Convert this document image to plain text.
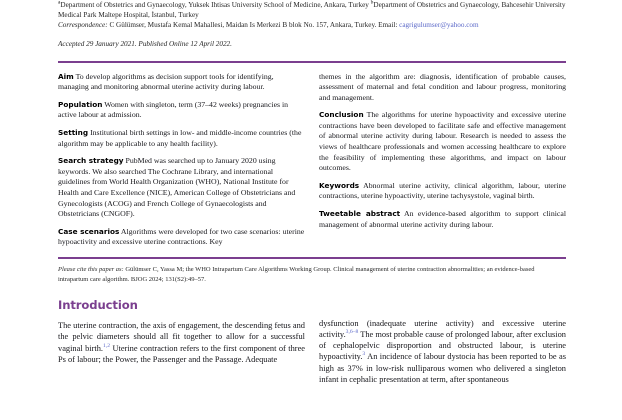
$^a$Department of Obstetrics and Gynaecology, Yuksek Ihtisas University School of Medicine, Ankara, Turkey $^b$Department of Obstetrics and Gynaecology, Bahcesehir University Medical Park Maltepe Hospital, İstanbul, Turkey
Correspondence: C Gülümser, Mustafa Kemal Mahallesi, Maidan Is Merkezi B blok No. 157, Ankara, Turkey. Email: cagrigulumser@yahoo.com
Accepted 29 January 2021. Published Online 12 April 2022.

Aim To develop algorithms as decision support tools for identifying, managing and monitoring abnormal uterine activity during labour.

Population Women with singleton, term (37–42 weeks) pregnancies in active labour at admission.

Setting Institutional birth settings in low- and middle-income countries (the algorithm may be applicable to any health facility).

Search strategy PubMed was searched up to January 2020 using keywords. We also searched The Cochrane Library, and international guidelines from World Health Organization (WHO), National Institute for Health and Care Excellence (NICE), American College of Obstetricians and Gynecologists (ACOG) and French College of Gynaecologists and Obstetricians (CNGOF).

Case scenarios Algorithms were developed for two case scenarios: uterine hypoactivity and excessive uterine contractions. Key

themes in the algorithm are: diagnosis, identification of probable causes, assessment of maternal and fetal condition and labour progress, monitoring and management.

Conclusion The algorithms for uterine hypoactivity and excessive uterine contractions have been developed to facilitate safe and effective management of abnormal uterine activity during labour. Research is needed to assess the views of healthcare professionals and women accessing healthcare to explore the feasibility of implementing these algorithms, and impact on labour outcomes.

Keywords Abnormal uterine activity, clinical algorithm, labour, uterine contractions, uterine hypoactivity, uterine tachysystole, vaginal birth.

Tweetable abstract An evidence-based algorithm to support clinical management of abnormal uterine activity during labour.

Please cite this paper as: Gülümser C, Yassa M; the WHO Intrapartum Care Algorithms Working Group. Clinical management of uterine contraction abnormalities; an evidence-based intrapartum care algorithm. BJOG 2024; 131(S2):49–57.
Introduction

The uterine contraction, the axis of engagement, the descending fetus and the pelvic diameters should all fit together to allow for a successful vaginal birth.$^{1,2}$ Uterine contraction refers to the first component of three Ps of labour; the Power, the Passenger and the Passage. Adequate

dysfunction (inadequate uterine activity) and excessive uterine activity.$^{3,6-8}$ The most probable cause of prolonged labour, after exclusion of cephalopelvic disproportion and obstructed labour, is uterine hypoactivity.$^3$ An incidence of labour dystocia has been reported to be as high as 37% in low-risk nulliparous women who delivered a singleton infant in cephalic presentation at term, after spontaneous
